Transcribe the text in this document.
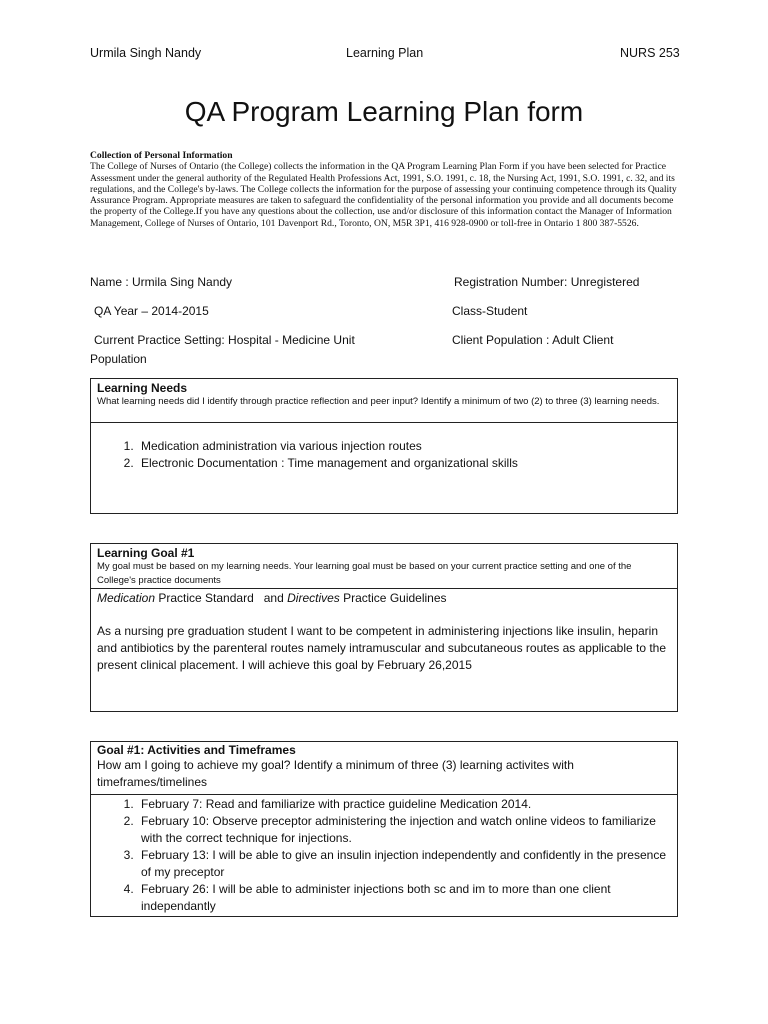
Urmila Singh Nandy	Learning Plan	NURS 253
QA Program Learning Plan form
Collection of Personal Information
The College of Nurses of Ontario (the College) collects the information in the QA Program Learning Plan Form if you have been selected for Practice Assessment under the general authority of the Regulated Health Professions Act, 1991, S.O. 1991, c. 18, the Nursing Act, 1991, S.O. 1991, c. 32, and its regulations, and the College's by-laws. The College collects the information for the purpose of assessing your continuing competence through its Quality Assurance Program. Appropriate measures are taken to safeguard the confidentiality of the personal information you provide and all documents become the property of the College.If you have any questions about the collection, use and/or disclosure of this information contact the Manager of Information Management, College of Nurses of Ontario, 101 Davenport Rd., Toronto, ON, M5R 3P1, 416 928-0900 or toll-free in Ontario 1 800 387-5526.
Name : Urmila Sing Nandy	Registration Number: Unregistered
QA Year – 2014-2015	Class-Student
Current Practice Setting: Hospital - Medicine Unit
Population
Client Population : Adult Client
Learning Needs
What learning needs did I identify through practice reflection and peer input? Identify a minimum of two (2) to three (3) learning needs.
1. Medication administration via various injection routes
2. Electronic Documentation : Time management and organizational skills
Learning Goal #1
My goal must be based on my learning needs. Your learning goal must be based on your current practice setting and one of the College's practice documents
Medication Practice Standard   and Directives Practice Guidelines

As a nursing pre graduation student I want to be competent in administering injections like insulin, heparin and antibiotics by the parenteral routes namely intramuscular and subcutaneous routes as applicable to the present clinical placement. I will achieve this goal by February 26,2015

Goal #1: Activities and Timeframes
How am I going to achieve my goal? Identify a minimum of three (3) learning activites with timeframes/timelines
1. February 7: Read and familiarize with practice guideline Medication 2014.
2. February 10: Observe preceptor administering the injection and watch online videos to familiarize with the correct technique for injections.
3. February 13: I will be able to give an insulin injection independently and confidently in the presence of my preceptor
4. February 26: I will be able to administer injections both sc and im to more than one client independantly
